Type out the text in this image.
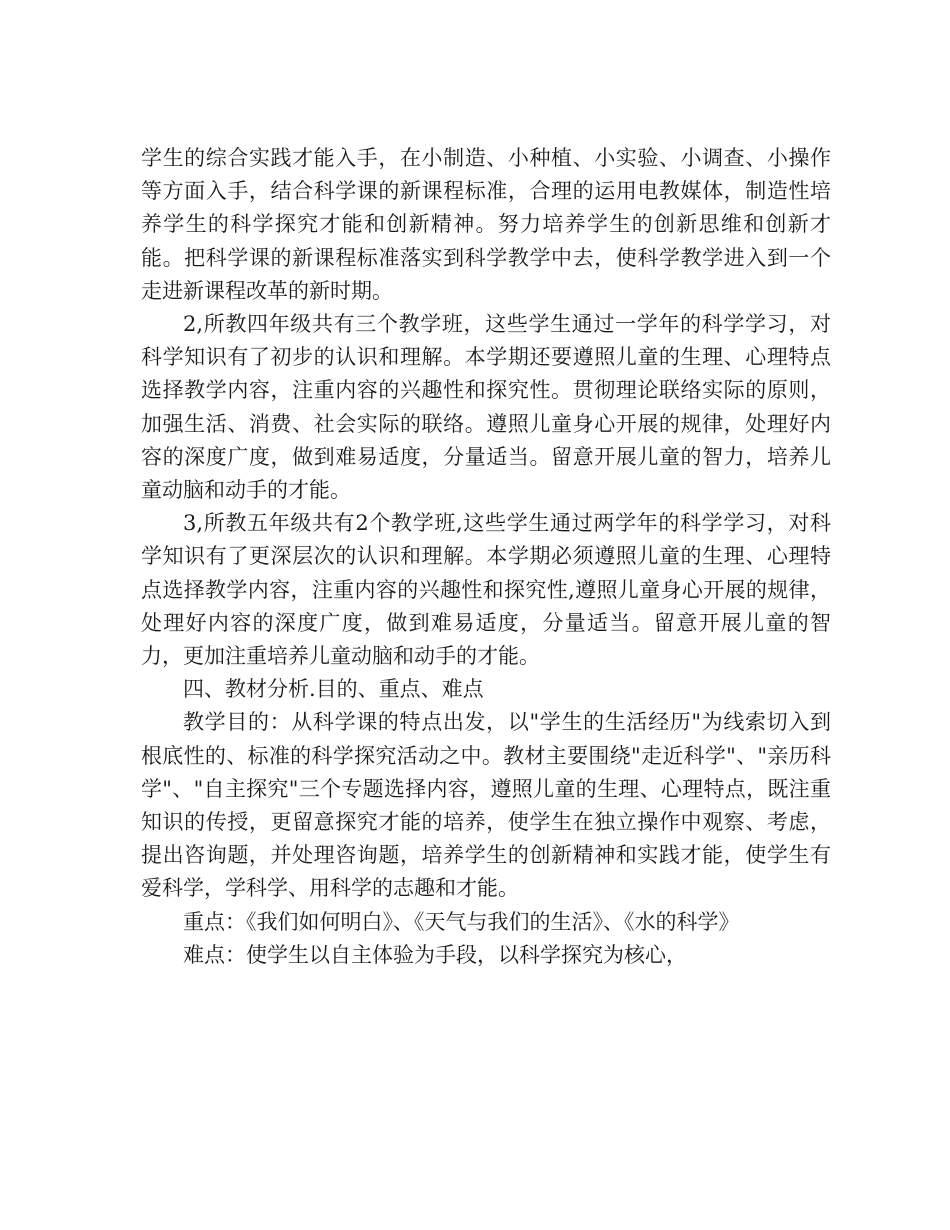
学生的综合实践才能入手，在小制造、小种植、小实验、小调查、小操作等方面入手，结合科学课的新课程标准，合理的运用电教媒体，制造性培养学生的科学探究才能和创新精神。努力培养学生的创新思维和创新才能。把科学课的新课程标准落实到科学教学中去，使科学教学进入到一个走进新课程改革的新时期。

2,所教四年级共有三个教学班，这些学生通过一学年的科学学习，对科学知识有了初步的认识和理解。本学期还要遵照儿童的生理、心理特点选择教学内容，注重内容的兴趣性和探究性。贯彻理论联络实际的原则，加强生活、消费、社会实际的联络。遵照儿童身心开展的规律，处理好内容的深度广度，做到难易适度，分量适当。留意开展儿童的智力，培养儿童动脑和动手的才能。

3,所教五年级共有2个教学班,这些学生通过两学年的科学学习，对科学知识有了更深层次的认识和理解。本学期必须遵照儿童的生理、心理特点选择教学内容，注重内容的兴趣性和探究性,遵照儿童身心开展的规律，处理好内容的深度广度，做到难易适度，分量适当。留意开展儿童的智力，更加注重培养儿童动脑和动手的才能。

四、教材分析.目的、重点、难点

教学目的：从科学课的特点出发，以"学生的生活经历"为线索切入到根底性的、标准的科学探究活动之中。教材主要围绕"走近科学"、"亲历科学"、"自主探究"三个专题选择内容，遵照儿童的生理、心理特点，既注重知识的传授，更留意探究才能的培养，使学生在独立操作中观察、考虑，提出咨询题，并处理咨询题，培养学生的创新精神和实践才能，使学生有爱科学，学科学、用科学的志趣和才能。

重点：《我们如何明白》、《天气与我们的生活》、《水的科学》

难点：使学生以自主体验为手段，以科学探究为核心，
